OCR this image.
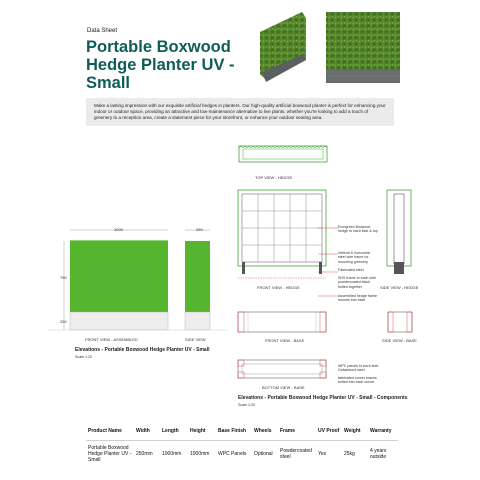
Data Sheet
Portable Boxwood
Hedge Planter UV -
Small
Make a lasting impression with our exquisite artificial hedges in planters. Our high-quality artificial boxwood planter is perfect for enhancing your indoor or outdoor space, providing an attractive and low-maintenance alternative to live plants, whether you're looking to add a touch of greenery to a reception area, create a statement piece for your storefront, or enhance your outdoor seating area.
TOP VIEW - HEDGE
FRONT VIEW - HEDGE	SIDE VIEW - HEDGE
Evergreen Boxwood hedge to each side & top
Vertical & horizontal steel wire frame for mounting greenery
Fabricated steel
SHS frame to each side powdercoated black bolted together
Assembled hedge frame mounts into base
1000	250
750
250
FRONT VIEW - ASSEMBLED	SIDE VIEW
Elevations - Portable Boxwood Hedge Planter UV - Small
Scale 1:20
FRONT VIEW - BASE	SIDE VIEW - BASE
WPC panels to each side Galvanised steel
fabricated corner braces bolted into each corner
BOTTOM VIEW - BASE
Elevations - Portable Boxwood Hedge Planter UV - Small - Components
Scale 1:20
Product Name	Width	Length	Height	Base Finish	Wheels	Frame	UV Proof	Weight	Warranty
Portable Boxwood Hedge Planter UV - Small	250mm	1000mm	1000mm	WPC Panels	Optional	Powdercoated steel	Yes	25kg	4 years outside
